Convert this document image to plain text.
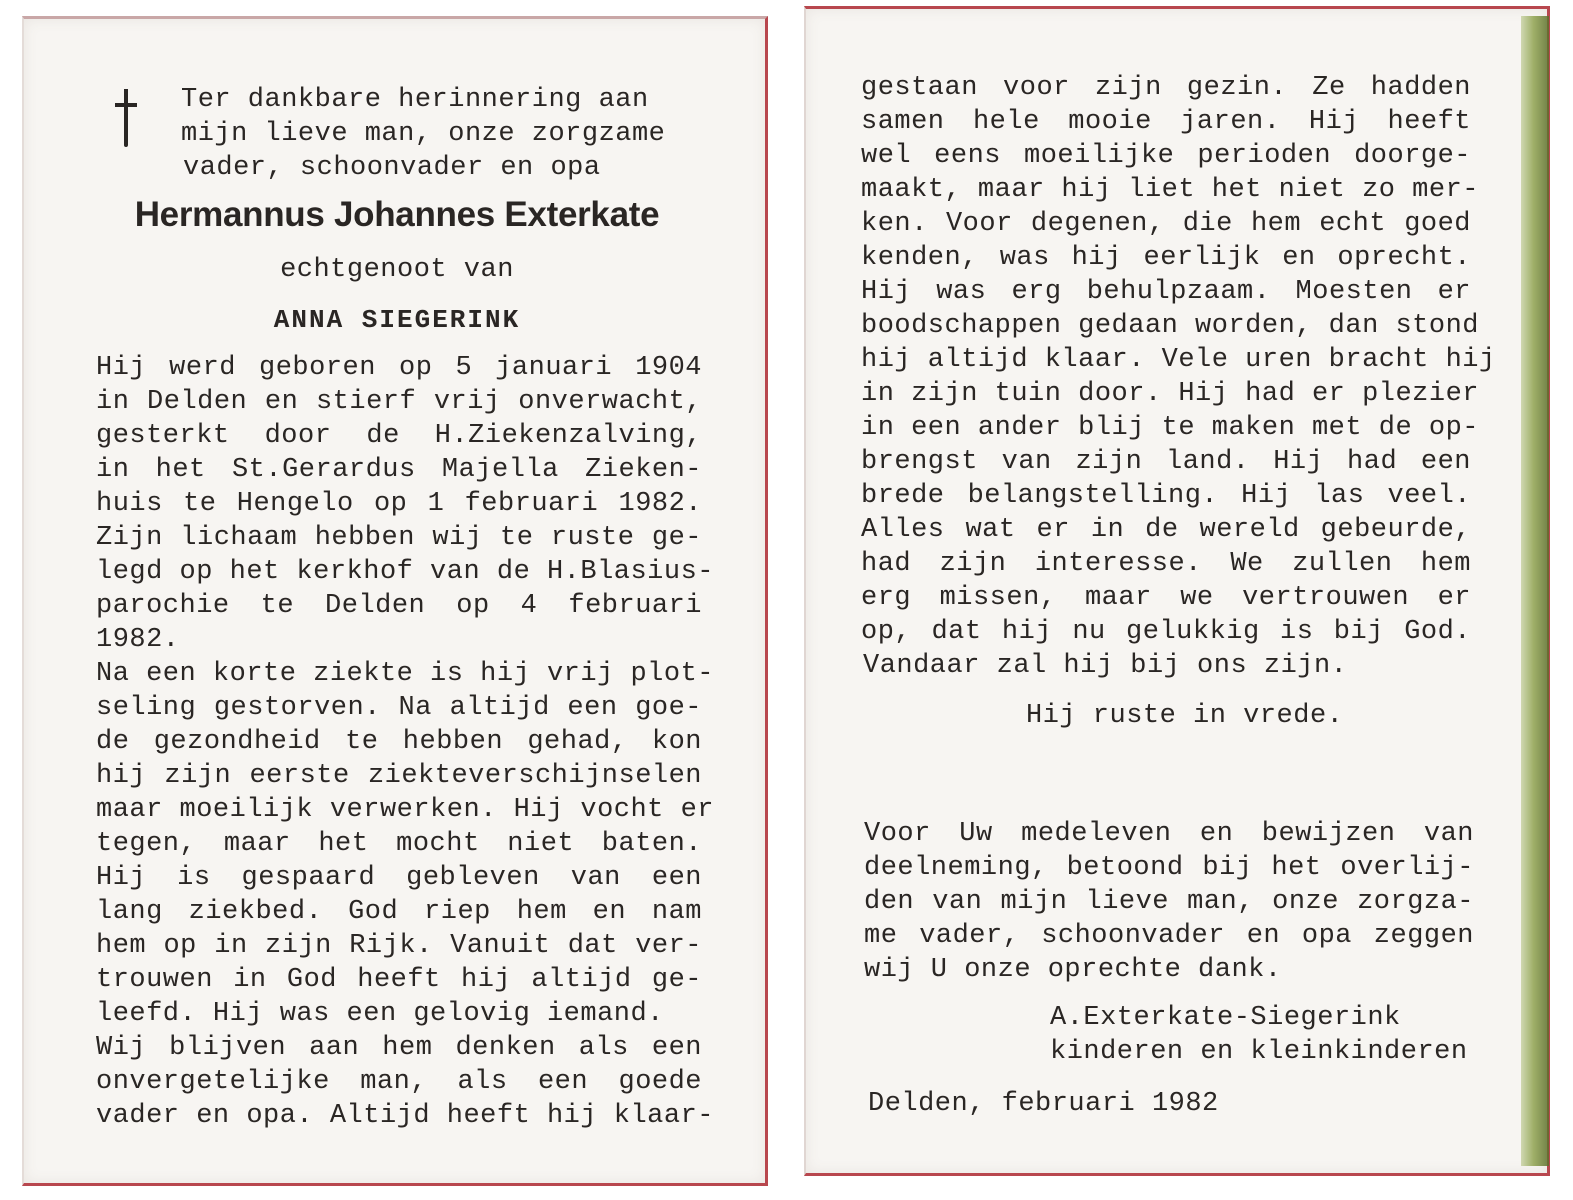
Ter dankbare herinnering aan
mijn lieve man, onze zorgzame
vader, schoonvader en opa
Hermannus Johannes Exterkate
echtgenoot van
ANNA SIEGERINK
Hij werd geboren op 5 januari 1904
in Delden en stierf vrij onverwacht,
gesterkt door de H.Ziekenzalving,
in het St.Gerardus Majella Zieken-
huis te Hengelo op 1 februari 1982.
Zijn lichaam hebben wij te ruste ge-
legd op het kerkhof van de H.Blasius-
parochie te Delden op 4 februari
1982.
Na een korte ziekte is hij vrij plot-
seling gestorven. Na altijd een goe-
de gezondheid te hebben gehad, kon
hij zijn eerste ziekteverschijnselen
maar moeilijk verwerken. Hij vocht er
tegen, maar het mocht niet baten.
Hij is gespaard gebleven van een
lang ziekbed. God riep hem en nam
hem op in zijn Rijk. Vanuit dat ver-
trouwen in God heeft hij altijd ge-
leefd. Hij was een gelovig iemand.
Wij blijven aan hem denken als een
onvergetelijke man, als een goede
vader en opa. Altijd heeft hij klaar-
gestaan voor zijn gezin. Ze hadden
samen hele mooie jaren. Hij heeft
wel eens moeilijke perioden doorge-
maakt, maar hij liet het niet zo mer-
ken. Voor degenen, die hem echt goed
kenden, was hij eerlijk en oprecht.
Hij was erg behulpzaam. Moesten er
boodschappen gedaan worden, dan stond
hij altijd klaar. Vele uren bracht hij
in zijn tuin door. Hij had er plezier
in een ander blij te maken met de op-
brengst van zijn land. Hij had een
brede belangstelling. Hij las veel.
Alles wat er in de wereld gebeurde,
had zijn interesse. We zullen hem
erg missen, maar we vertrouwen er
op, dat hij nu gelukkig is bij God.
Vandaar zal hij bij ons zijn.
Hij ruste in vrede.
Voor Uw medeleven en bewijzen van
deelneming, betoond bij het overlij-
den van mijn lieve man, onze zorgza-
me vader, schoonvader en opa zeggen
wij U onze oprechte dank.
A.Exterkate-Siegerink
kinderen en kleinkinderen
Delden, februari 1982
